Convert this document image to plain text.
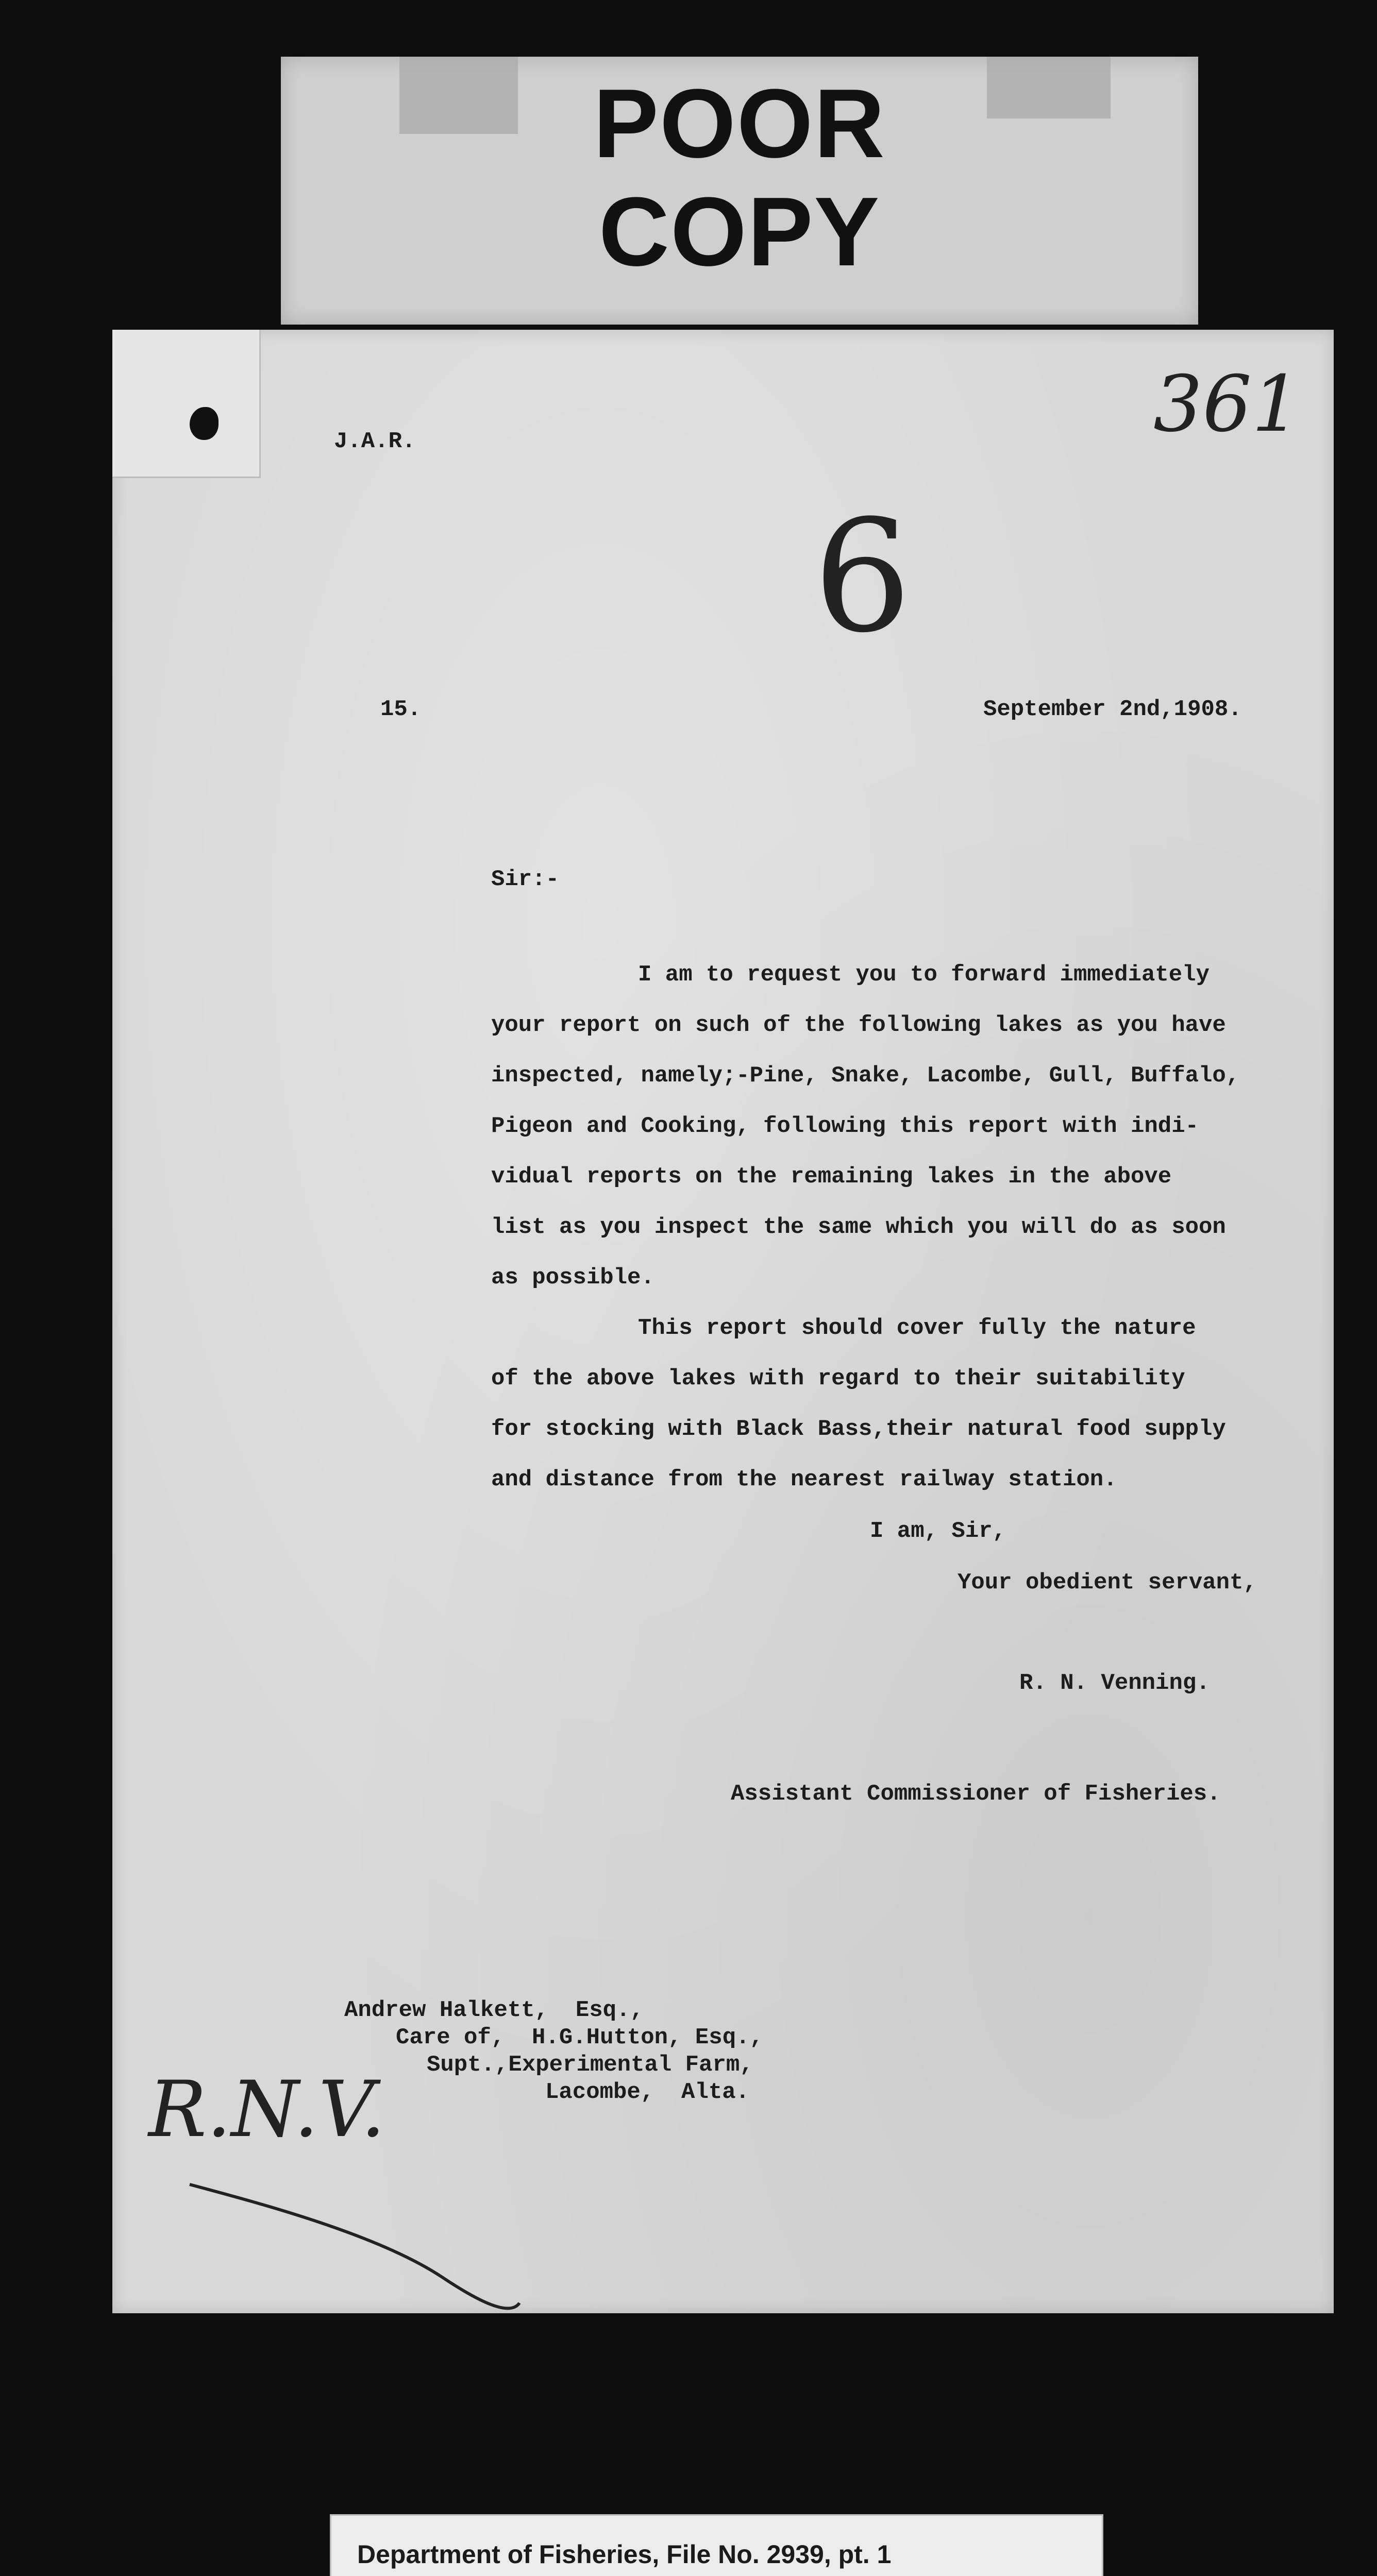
POOR
COPY
361
J.A.R.
6
15.	September 2nd,1908.
Sir:-
I am to request you to forward immediately
your report on such of the following lakes as you have
inspected, namely;-Pine, Snake, Lacombe, Gull, Buffalo,
Pigeon and Cooking, following this report with indi-
vidual reports on the remaining lakes in the above
list as you inspect the same which you will do as soon
as possible.
This report should cover fully the nature
of the above lakes with regard to their suitability
for stocking with Black Bass,their natural food supply
and distance from the nearest railway station.
I am, Sir,
Your obedient servant,
R. N. Venning.
Assistant Commissioner of Fisheries.
Andrew Halkett,  Esq.,
Care of,  H.G.Hutton, Esq.,
Supt.,Experimental Farm,
Lacombe,  Alta.
R.N.V.
Department of Fisheries, File No. 2939, pt. 1
